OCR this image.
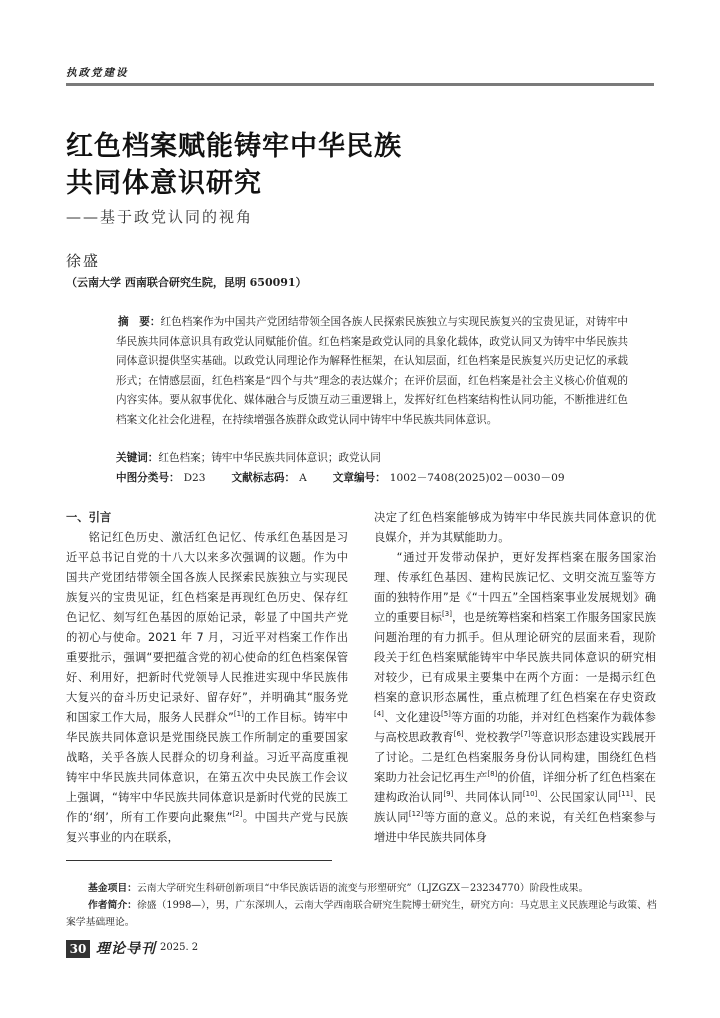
执政党建设
红色档案赋能铸牢中华民族
共同体意识研究
——基于政党认同的视角
徐盛
（云南大学 西南联合研究生院，昆明 650091）
摘　要：红色档案作为中国共产党团结带领全国各族人民探索民族独立与实现民族复兴的宝贵见证，对铸牢中华民族共同体意识具有政党认同赋能价值。红色档案是政党认同的具象化载体，政党认同又为铸牢中华民族共同体意识提供坚实基础。以政党认同理论作为解释性框架，在认知层面，红色档案是民族复兴历史记忆的承载形式；在情感层面，红色档案是“四个与共”理念的表达媒介；在评价层面，红色档案是社会主义核心价值观的内容实体。要从叙事优化、媒体融合与反馈互动三重逻辑上，发挥好红色档案结构性认同功能，不断推进红色档案文化社会化进程，在持续增强各族群众政党认同中铸牢中华民族共同体意识。
关键词：红色档案；铸牢中华民族共同体意识；政党认同
中图分类号： D23 文献标志码： A 文章编号： 1002－7408(2025)02－0030－09

一、引言

铭记红色历史、激活红色记忆、传承红色基因是习近平总书记自党的十八大以来多次强调的议题。作为中国共产党团结带领全国各族人民探索民族独立与实现民族复兴的宝贵见证，红色档案是再现红色历史、保存红色记忆、刻写红色基因的原始记录，彰显了中国共产党的初心与使命。2021 年 7 月，习近平对档案工作作出重要批示，强调“要把蕴含党的初心使命的红色档案保管好、利用好，把新时代党领导人民推进实现中华民族伟大复兴的奋斗历史记录好、留存好”，并明确其“服务党和国家工作大局，服务人民群众”[1]的工作目标。铸牢中华民族共同体意识是党围绕民族工作所制定的重要国家战略，关乎各族人民群众的切身利益。习近平高度重视铸牢中华民族共同体意识，在第五次中央民族工作会议上强调，“铸牢中华民族共同体意识是新时代党的民族工作的‘纲’，所有工作要向此聚焦”[2]。中国共产党与民族复兴事业的内在联系，

决定了红色档案能够成为铸牢中华民族共同体意识的优良媒介，并为其赋能助力。

“通过开发带动保护，更好发挥档案在服务国家治理、传承红色基因、建构民族记忆、文明交流互鉴等方面的独特作用”是《“十四五”全国档案事业发展规划》确立的重要目标[3]，也是统筹档案和档案工作服务国家民族问题治理的有力抓手。但从理论研究的层面来看，现阶段关于红色档案赋能铸牢中华民族共同体意识的研究相对较少，已有成果主要集中在两个方面：一是揭示红色档案的意识形态属性，重点梳理了红色档案在存史资政[4]、文化建设[5]等方面的功能，并对红色档案作为载体参与高校思政教育[6]、党校教学[7]等意识形态建设实践展开了讨论。二是红色档案服务身份认同构建，围绕红色档案助力社会记忆再生产[8]的价值，详细分析了红色档案在建构政治认同[9]、共同体认同[10]、公民国家认同[11]、民族认同[12]等方面的意义。总的来说，有关红色档案参与增进中华民族共同体身

基金项目：云南大学研究生科研创新项目“中华民族话语的流变与形塑研究”（LJZGZX－23234770）阶段性成果。
作者简介：徐盛（1998—），男，广东深圳人，云南大学西南联合研究生院博士研究生，研究方向：马克思主义民族理论与政策、档案学基础理论。
30 理论导刊 2025. 2
